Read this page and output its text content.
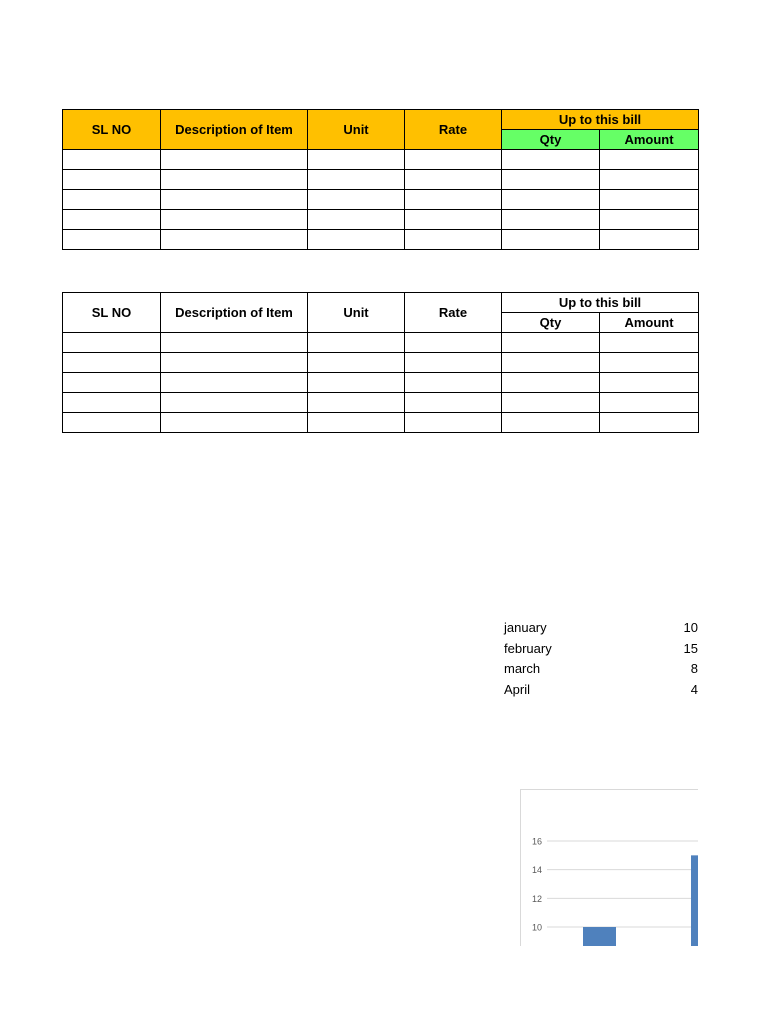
SL NO	Description of Item	Unit	Rate	Up to this bill	
				Qty	Amount

SL NO	Description of Item	Unit	Rate	Up to this bill	
				Qty	Amount

january	10
february	15
march	8
April	4
10
12
14
16
